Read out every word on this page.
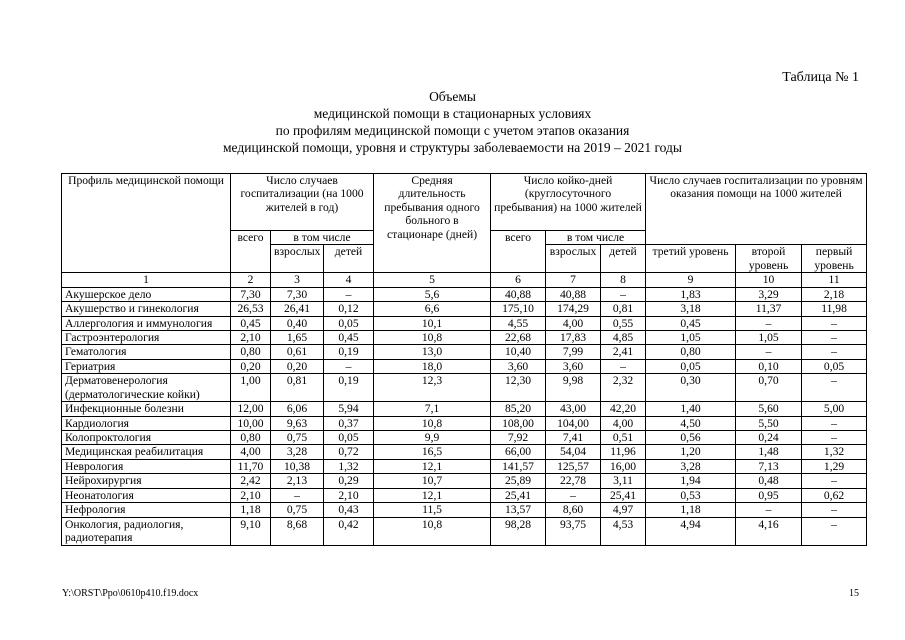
Таблица № 1
Объемы
медицинской помощи в стационарных условиях
по профилям медицинской помощи с учетом этапов оказания
медицинской помощи, уровня и структуры заболеваемости на 2019 – 2021 годы
Профиль медицинской помощи	Число случаев госпитализации (на 1000 жителей в год)			Средняя длительность пребывания одного больного в стационаре (дней)	Число койко-дней (круглосуточного пребывания) на 1000 жителей			Число случаев госпитализации по уровням оказания помощи на 1000 жителей		
	всего	в том числе			всего	в том числе				
		взрослых	детей			взрослых	детей	третий уровень	второй уровень	первый уровень
1	2	3	4	5	6	7	8	9	10	11
Акушерское дело	7,30	7,30	–	5,6	40,88	40,88	–	1,83	3,29	2,18
Акушерство и гинекология	26,53	26,41	0,12	6,6	175,10	174,29	0,81	3,18	11,37	11,98
Аллергология и иммунология	0,45	0,40	0,05	10,1	4,55	4,00	0,55	0,45	–	–
Гастроэнтерология	2,10	1,65	0,45	10,8	22,68	17,83	4,85	1,05	1,05	–
Гематология	0,80	0,61	0,19	13,0	10,40	7,99	2,41	0,80	–	–
Гериатрия	0,20	0,20	–	18,0	3,60	3,60	–	0,05	0,10	0,05
Дерматовенерология (дерматологические койки)	1,00	0,81	0,19	12,3	12,30	9,98	2,32	0,30	0,70	–
Инфекционные болезни	12,00	6,06	5,94	7,1	85,20	43,00	42,20	1,40	5,60	5,00
Кардиология	10,00	9,63	0,37	10,8	108,00	104,00	4,00	4,50	5,50	–
Колопроктология	0,80	0,75	0,05	9,9	7,92	7,41	0,51	0,56	0,24	–
Медицинская реабилитация	4,00	3,28	0,72	16,5	66,00	54,04	11,96	1,20	1,48	1,32
Неврология	11,70	10,38	1,32	12,1	141,57	125,57	16,00	3,28	7,13	1,29
Нейрохирургия	2,42	2,13	0,29	10,7	25,89	22,78	3,11	1,94	0,48	–
Неонатология	2,10	–	2,10	12,1	25,41	–	25,41	0,53	0,95	0,62
Нефрология	1,18	0,75	0,43	11,5	13,57	8,60	4,97	1,18	–	–
Онкология, радиология, радиотерапия	9,10	8,68	0,42	10,8	98,28	93,75	4,53	4,94	4,16	–
Y:\ORST\Ppo\0610p410.f19.docx	15
